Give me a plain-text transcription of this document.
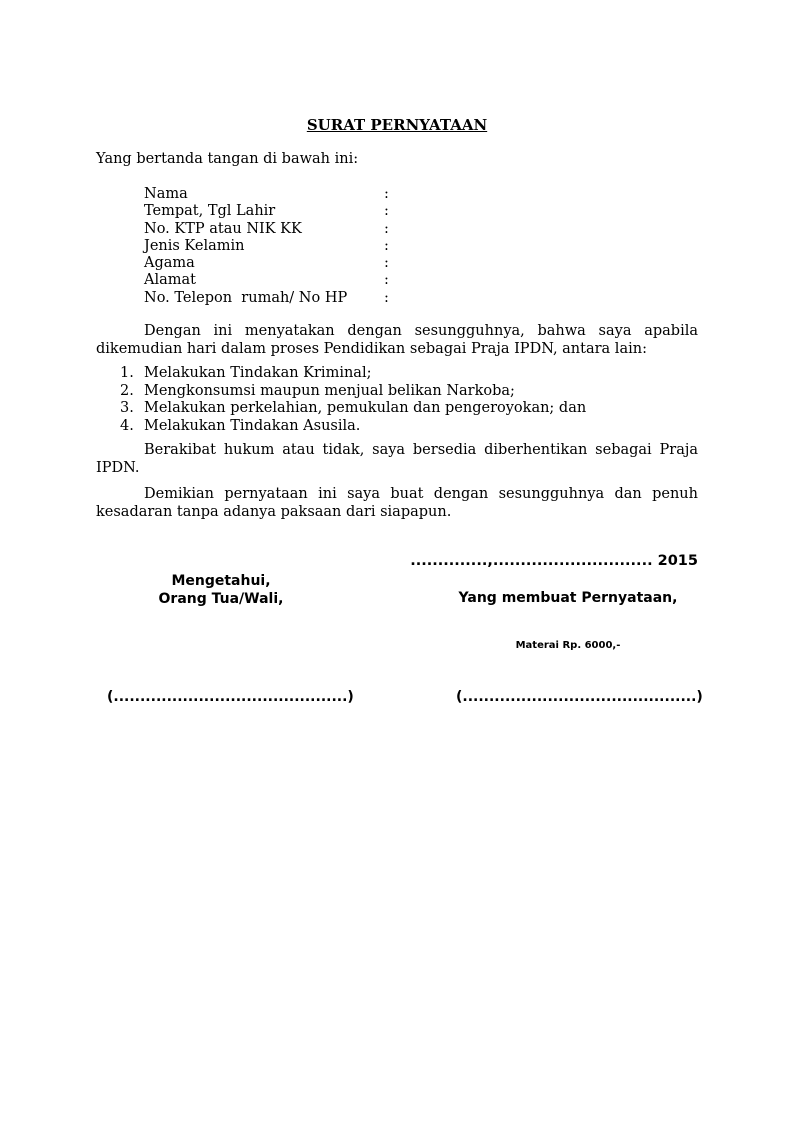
SURAT PERNYATAAN
Yang bertanda tangan di bawah ini:
Nama	:
Tempat, Tgl Lahir	:
No. KTP atau NIK KK	:
Jenis Kelamin	:
Agama	:
Alamat	:
No. Telepon  rumah/ No HP	:
Dengan ini menyatakan dengan sesungguhnya, bahwa saya apabila dikemudian hari dalam proses Pendidikan sebagai Praja IPDN, antara lain:
1. Melakukan Tindakan Kriminal;
2. Mengkonsumsi maupun menjual belikan Narkoba;
3. Melakukan perkelahian, pemukulan dan pengeroyokan; dan
4. Melakukan Tindakan Asusila.
Berakibat hukum atau tidak, saya bersedia diberhentikan sebagai Praja IPDN.
Demikian pernyataan ini saya buat dengan sesungguhnya dan penuh kesadaran tanpa adanya paksaan dari siapapun.
..............,............................. 2015
Mengetahui,
Orang Tua/Wali,	Yang membuat Pernyataan,
Materai Rp. 6000,-
(............................................)	(............................................)
